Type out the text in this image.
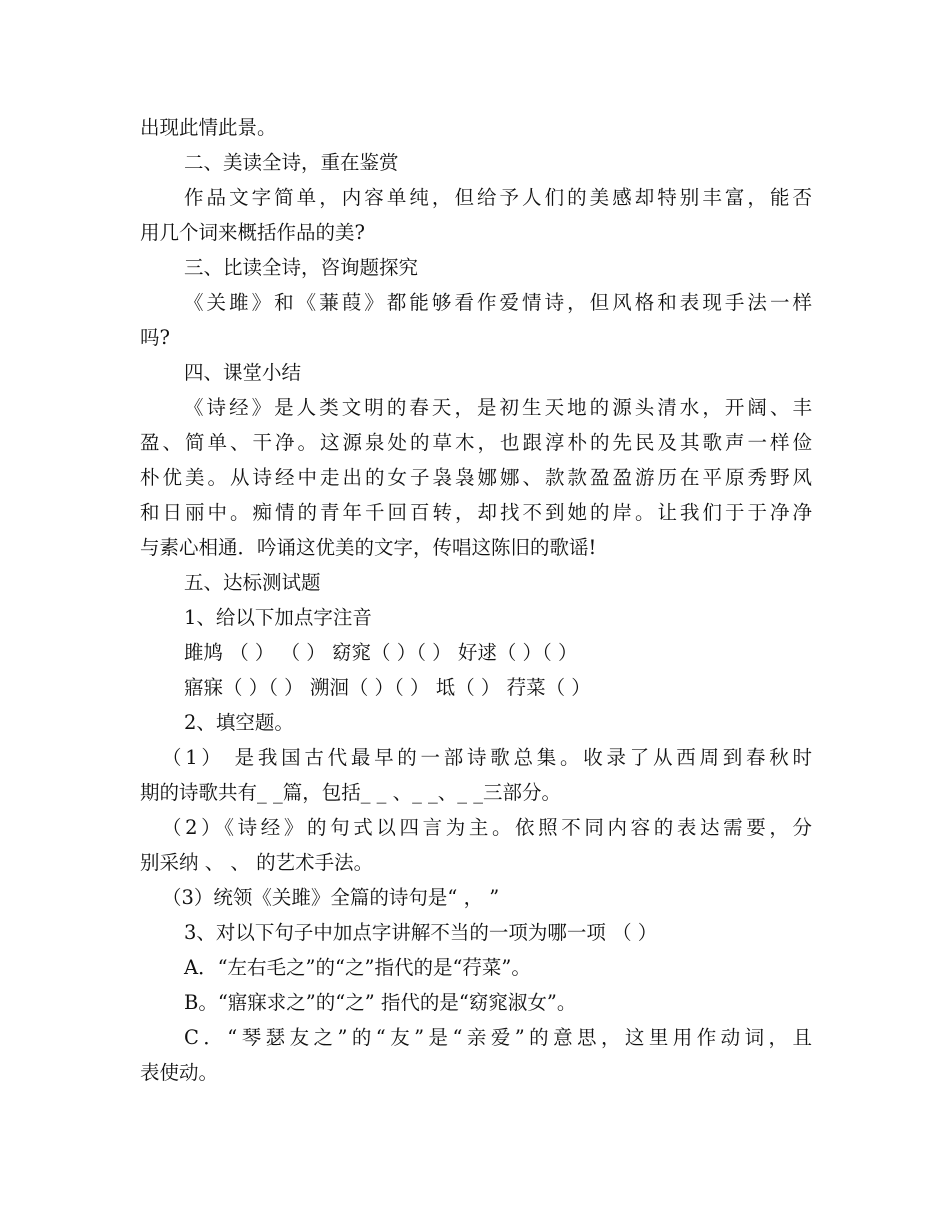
出现此情此景。
二、美读全诗，重在鉴赏
作品文字简单，内容单纯，但给予人们的美感却特别丰富，能否
用几个词来概括作品的美?
三、比读全诗，咨询题探究
《关雎》和《蒹葭》都能够看作爱情诗，但风格和表现手法一样
吗?
四、课堂小结
《诗经》是人类文明的春天，是初生天地的源头清水，开阔、丰
盈、简单、干净。这源泉处的草木，也跟淳朴的先民及其歌声一样俭
朴优美。从诗经中走出的女子袅袅娜娜、款款盈盈游历在平原秀野风
和日丽中。痴情的青年千回百转，却找不到她的岸。让我们于于净净
与素心相通．吟诵这优美的文字，传唱这陈旧的歌谣!
五、达标测试题
1、给以下加点字注音
雎鸠 （ ） （ ） 窈窕（ ）（ ） 好逑（ ）（ ）
寤寐（ ）（ ） 溯洄（ ）（ ） 坻（ ） 荇菜（ ）
2、填空题。
（1） 是我国古代最早的一部诗歌总集。收录了从西周到春秋时
期的诗歌共有_ _篇，包括_ _ 、_ _、_ _三部分。
（2）《诗经》的句式以四言为主。依照不同内容的表达需要，分
别采纳 、 、 的艺术手法。
（3）统领《关雎》全篇的诗句是“ ， ”
3、对以下句子中加点字讲解不当的一项为哪一项 （ ）
A．“左右毛之”的“之”指代的是“荇菜”。
B。“寤寐求之”的“之” 指代的是“窈窕淑女”。
C．“琴瑟友之”的“友”是“亲爱”的意思，这里用作动词，且
表使动。
